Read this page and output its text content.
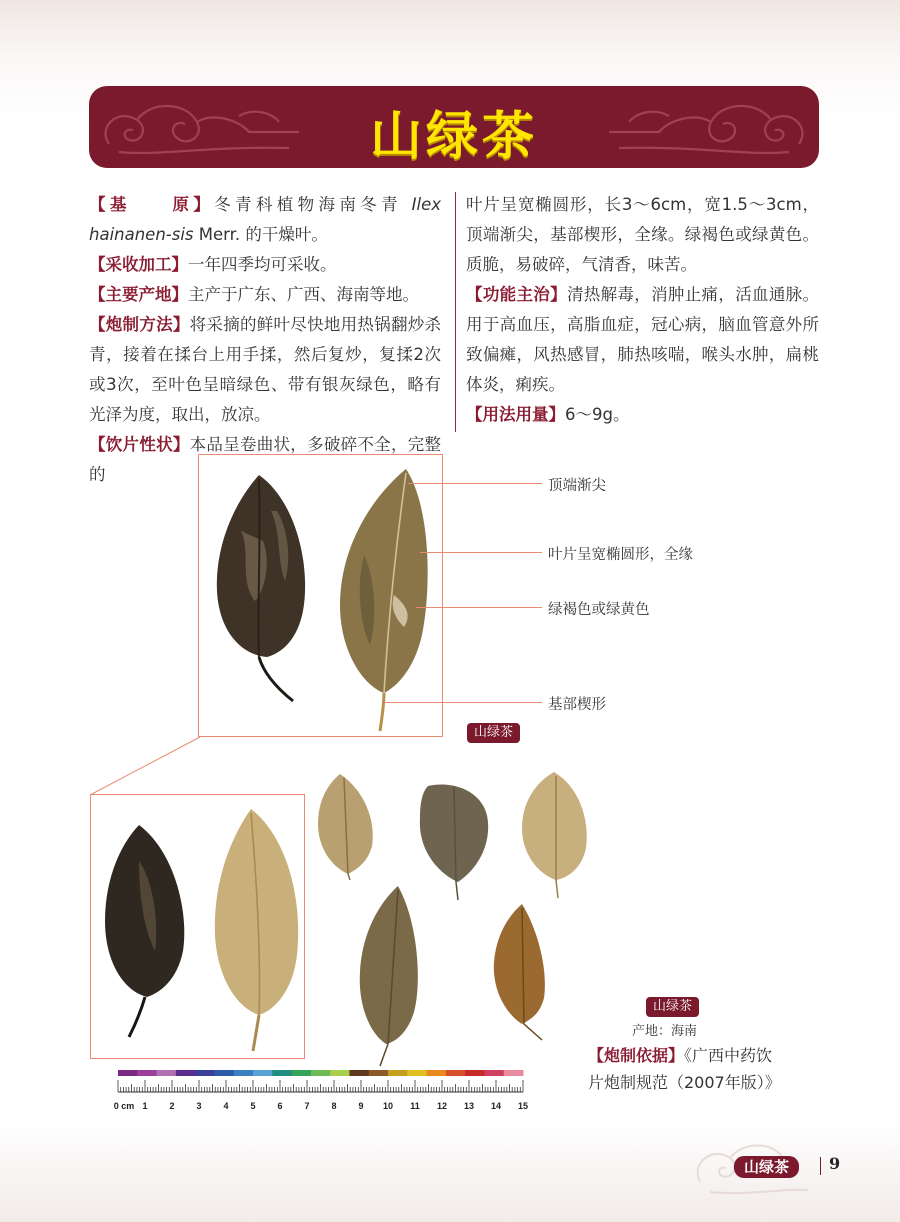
山绿茶
【基　　原】冬青科植物海南冬青 Ilex hainanen-sis Merr. 的干燥叶。
【采收加工】一年四季均可采收。
【主要产地】主产于广东、广西、海南等地。
【炮制方法】将采摘的鲜叶尽快地用热锅翻炒杀青，接着在揉台上用手揉，然后复炒，复揉2次或3次，至叶色呈暗绿色、带有银灰绿色，略有光泽为度，取出，放凉。
【饮片性状】本品呈卷曲状，多破碎不全，完整的
叶片呈宽椭圆形，长3～6cm，宽1.5～3cm，顶端渐尖，基部楔形，全缘。绿褐色或绿黄色。质脆，易破碎，气清香，味苦。
【功能主治】清热解毒，消肿止痛，活血通脉。用于高血压，高脂血症，冠心病，脑血管意外所致偏瘫，风热感冒，肺热咳喘，喉头水肿，扁桃体炎，痢疾。
【用法用量】6～9g。
顶端渐尖
叶片呈宽椭圆形，全缘
绿褐色或绿黄色
基部楔形
山绿茶
山绿茶
产地：海南
【炮制依据】《广西中药饮片炮制规范（2007年版）》
0 cm 1 2 3 4 5 6 7 8 9 10 11 12 13 14 15
山绿茶	9
